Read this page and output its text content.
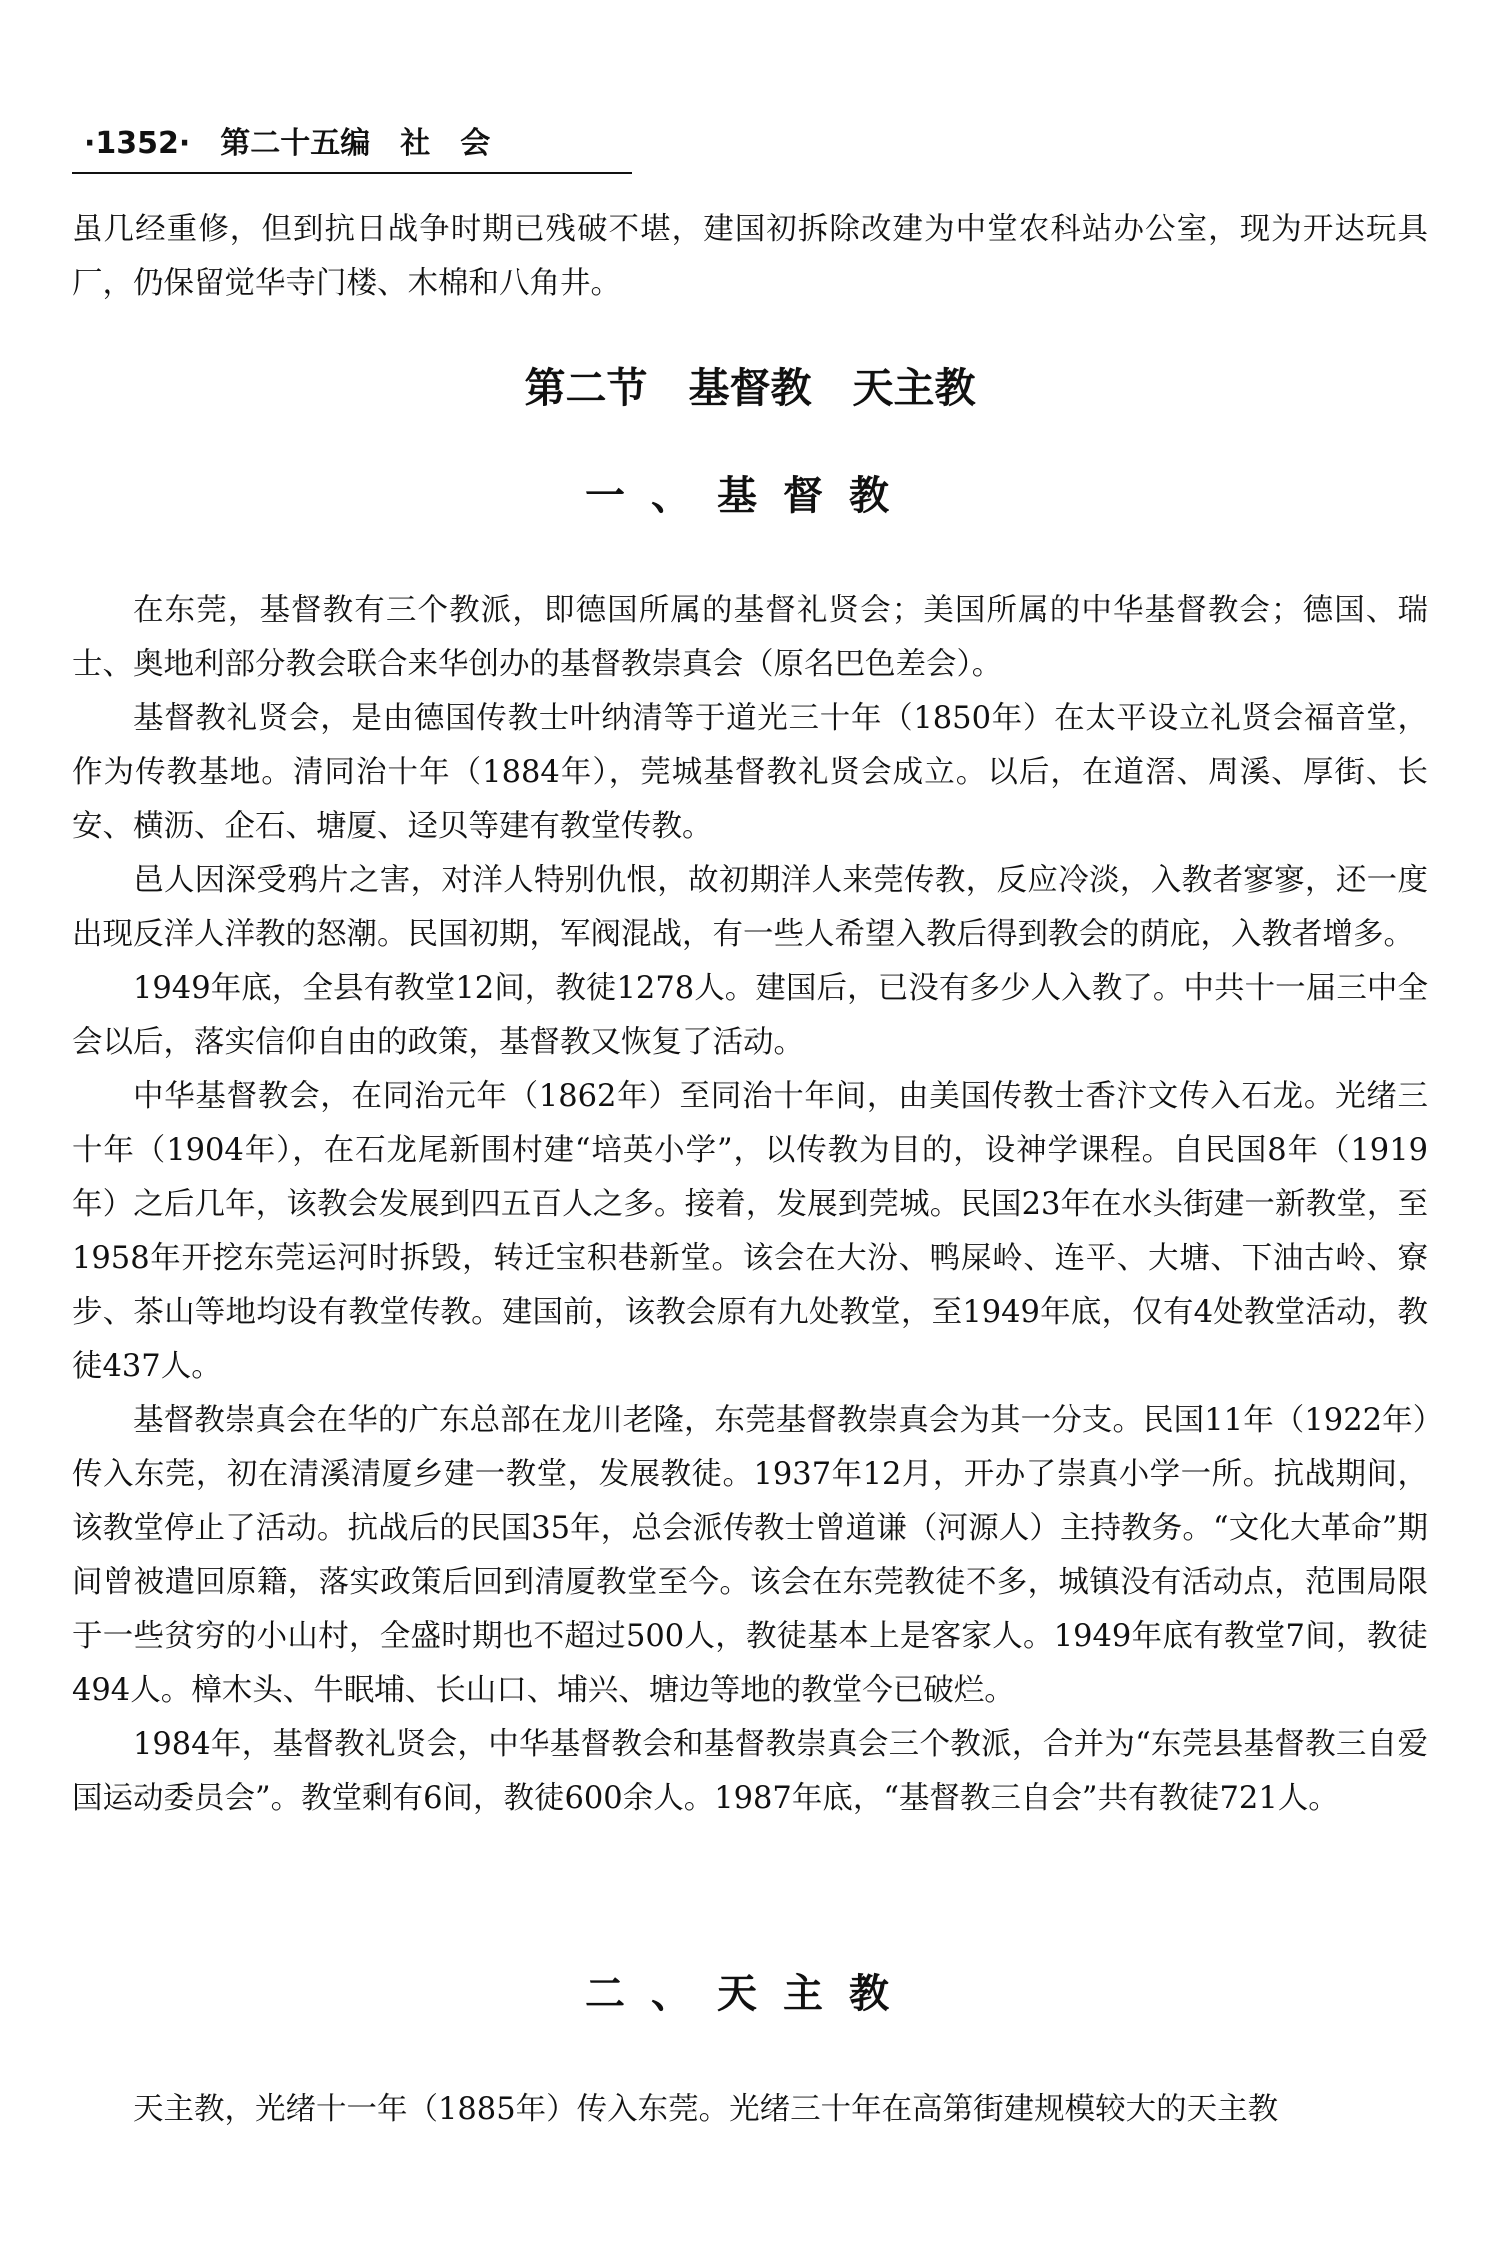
·1352· 第二十五编　社　会

虽几经重修，但到抗日战争时期已残破不堪，建国初拆除改建为中堂农科站办公室，现为开达玩具厂，仍保留觉华寺门楼、木棉和八角井。

第二节　基督教　天主教
一、基督教

在东莞，基督教有三个教派，即德国所属的基督礼贤会；美国所属的中华基督教会；德国、瑞士、奥地利部分教会联合来华创办的基督教崇真会（原名巴色差会）。

基督教礼贤会，是由德国传教士叶纳清等于道光三十年（1850年）在太平设立礼贤会福音堂，作为传教基地。清同治十年（1884年），莞城基督教礼贤会成立。以后，在道滘、周溪、厚街、长安、横沥、企石、塘厦、迳贝等建有教堂传教。

邑人因深受鸦片之害，对洋人特别仇恨，故初期洋人来莞传教，反应冷淡，入教者寥寥，还一度出现反洋人洋教的怒潮。民国初期，军阀混战，有一些人希望入教后得到教会的荫庇，入教者增多。

1949年底，全县有教堂12间，教徒1278人。建国后，已没有多少人入教了。中共十一届三中全会以后，落实信仰自由的政策，基督教又恢复了活动。

中华基督教会，在同治元年（1862年）至同治十年间，由美国传教士香汴文传入石龙。光绪三十年（1904年），在石龙尾新围村建“培英小学”，以传教为目的，设神学课程。自民国8年（1919年）之后几年，该教会发展到四五百人之多。接着，发展到莞城。民国23年在水头街建一新教堂，至1958年开挖东莞运河时拆毁，转迁宝积巷新堂。该会在大汾、鸭屎岭、连平、大塘、下油古岭、寮步、茶山等地均设有教堂传教。建国前，该教会原有九处教堂，至1949年底，仅有4处教堂活动，教徒437人。

基督教崇真会在华的广东总部在龙川老隆，东莞基督教崇真会为其一分支。民国11年（1922年）传入东莞，初在清溪清厦乡建一教堂，发展教徒。1937年12月，开办了崇真小学一所。抗战期间，该教堂停止了活动。抗战后的民国35年，总会派传教士曾道谦（河源人）主持教务。“文化大革命”期间曾被遣回原籍，落实政策后回到清厦教堂至今。该会在东莞教徒不多，城镇没有活动点，范围局限于一些贫穷的小山村，全盛时期也不超过500人，教徒基本上是客家人。1949年底有教堂7间，教徒494人。樟木头、牛眠埔、长山口、埔兴、塘边等地的教堂今已破烂。

1984年，基督教礼贤会，中华基督教会和基督教崇真会三个教派，合并为“东莞县基督教三自爱国运动委员会”。教堂剩有6间，教徒600余人。1987年底，“基督教三自会”共有教徒721人。

二、天主教

天主教，光绪十一年（1885年）传入东莞。光绪三十年在高第街建规模较大的天主教
